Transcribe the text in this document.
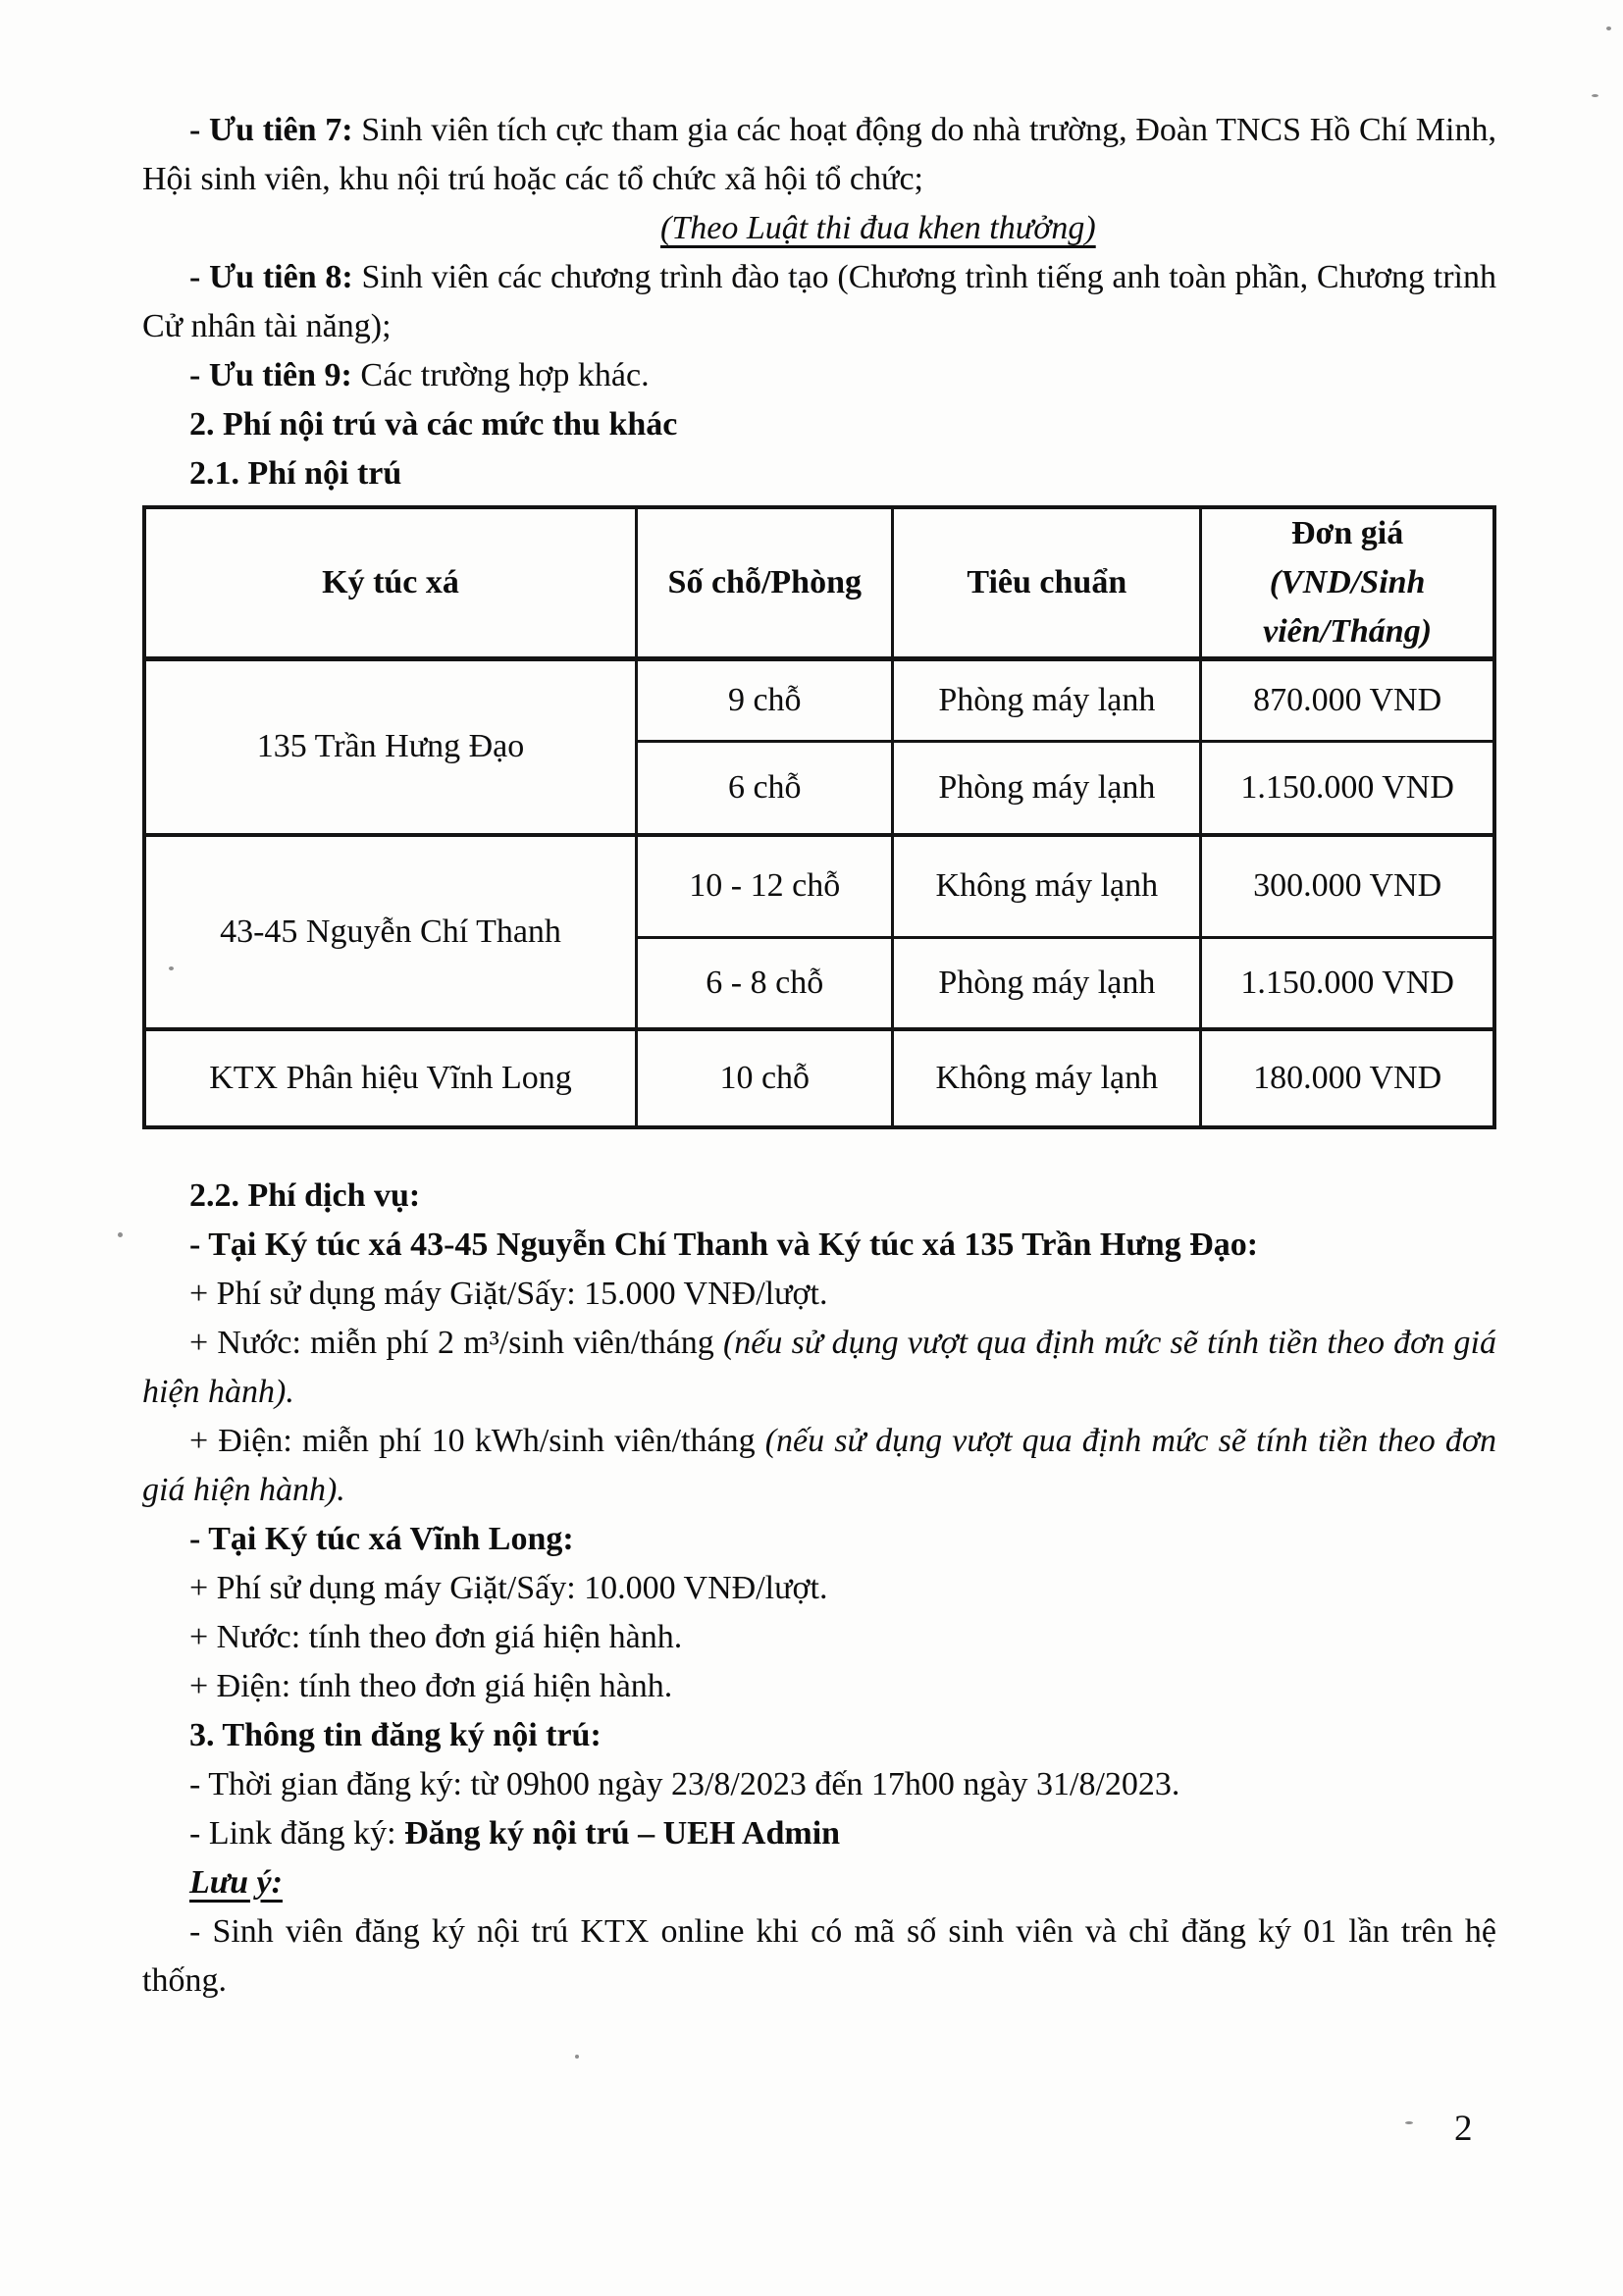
- Ưu tiên 7: Sinh viên tích cực tham gia các hoạt động do nhà trường, Đoàn TNCS Hồ Chí Minh, Hội sinh viên, khu nội trú hoặc các tổ chức xã hội tổ chức;

(Theo Luật thi đua khen thưởng)

- Ưu tiên 8: Sinh viên các chương trình đào tạo (Chương trình tiếng anh toàn phần, Chương trình Cử nhân tài năng);

- Ưu tiên 9: Các trường hợp khác.

2. Phí nội trú và các mức thu khác

2.1. Phí nội trú

Ký túc xá	Số chỗ/Phòng	Tiêu chuẩn	Đơn giá
(VND/Sinh viên/Tháng)
135 Trần Hưng Đạo	9 chỗ	Phòng máy lạnh	870.000 VND
	6 chỗ	Phòng máy lạnh	1.150.000 VND
43-45 Nguyễn Chí Thanh	10 - 12 chỗ	Không máy lạnh	300.000 VND
	6 - 8 chỗ	Phòng máy lạnh	1.150.000 VND
KTX Phân hiệu Vĩnh Long	10 chỗ	Không máy lạnh	180.000 VND

2.2. Phí dịch vụ:

- Tại Ký túc xá 43-45 Nguyễn Chí Thanh và Ký túc xá 135 Trần Hưng Đạo:

+ Phí sử dụng máy Giặt/Sấy: 15.000 VNĐ/lượt.

+ Nước: miễn phí 2 m³/sinh viên/tháng (nếu sử dụng vượt qua định mức sẽ tính tiền theo đơn giá hiện hành).

+ Điện: miễn phí 10 kWh/sinh viên/tháng (nếu sử dụng vượt qua định mức sẽ tính tiền theo đơn giá hiện hành).

- Tại Ký túc xá Vĩnh Long:

+ Phí sử dụng máy Giặt/Sấy: 10.000 VNĐ/lượt.

+ Nước: tính theo đơn giá hiện hành.

+ Điện: tính theo đơn giá hiện hành.

3. Thông tin đăng ký nội trú:

- Thời gian đăng ký: từ 09h00 ngày 23/8/2023 đến 17h00 ngày 31/8/2023.

- Link đăng ký: Đăng ký nội trú – UEH Admin

Lưu ý:

- Sinh viên đăng ký nội trú KTX online khi có mã số sinh viên và chỉ đăng ký 01 lần trên hệ thống.

2
